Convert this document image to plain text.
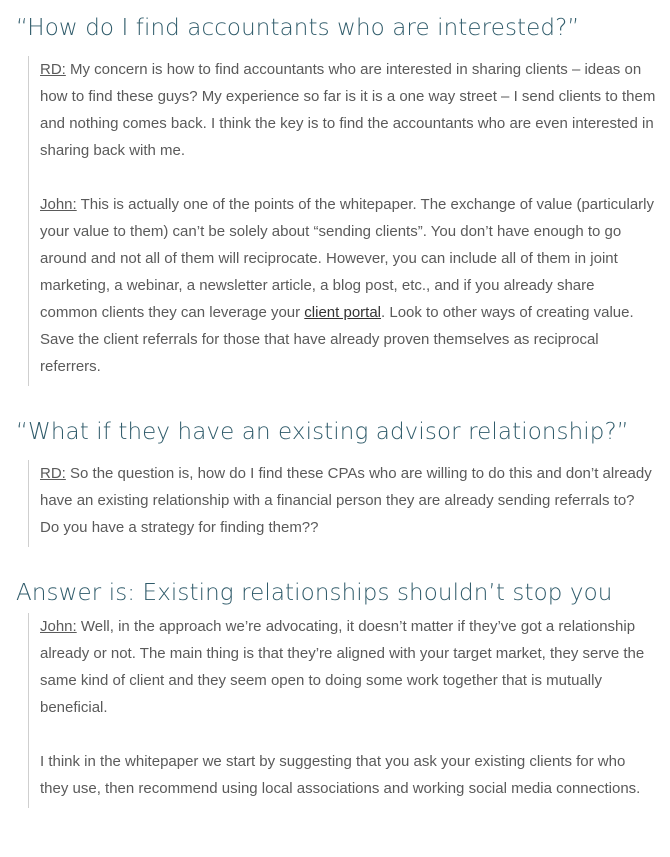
“How do I find accountants who are interested?”

RD: My concern is how to find accountants who are interested in sharing clients – ideas on how to find these guys? My experience so far is it is a one way street – I send clients to them and nothing comes back. I think the key is to find the accountants who are even interested in sharing back with me.

John: This is actually one of the points of the whitepaper. The exchange of value (particularly your value to them) can’t be solely about “sending clients”. You don’t have enough to go around and not all of them will reciprocate. However, you can include all of them in joint marketing, a webinar, a newsletter article, a blog post, etc., and if you already share common clients they can leverage your client portal. Look to other ways of creating value. Save the client referrals for those that have already proven themselves as reciprocal referrers.

“What if they have an existing advisor relationship?”

RD: So the question is, how do I find these CPAs who are willing to do this and don’t already have an existing relationship with a financial person they are already sending referrals to? Do you have a strategy for finding them??

Answer is: Existing relationships shouldn’t stop you

John: Well, in the approach we’re advocating, it doesn’t matter if they’ve got a relationship already or not. The main thing is that they’re aligned with your target market, they serve the same kind of client and they seem open to doing some work together that is mutually beneficial.

I think in the whitepaper we start by suggesting that you ask your existing clients for who they use, then recommend using local associations and working social media connections.
